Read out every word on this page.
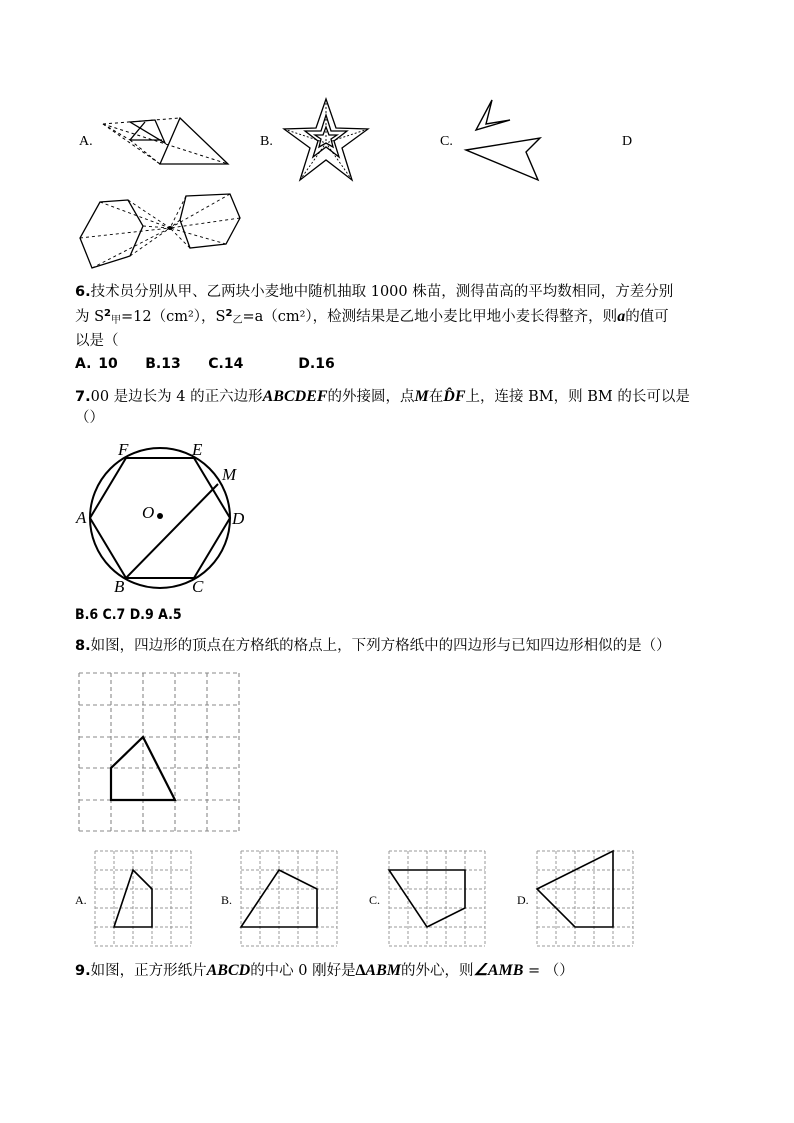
A.	B.	C.	D
6.技术员分别从甲、乙两块小麦地中随机抽取 1000 株苗，测得苗高的平均数相同，方差分别
为 $S^2_甲=12(cm^2)$，$S^2_乙=a(cm^2)$，检测结果是乙地小麦比甲地小麦长得整齐，则a的值可
以是（
A. 10    B.13    C.14        D.16
7.00 是边长为 4 的正六边形ABCDEF的外接圆，点M在D̂F上，连接 BM，则 BM 的长可以是
（）
F	E
M
A	O	D
B	C
B.6 C.7 D.9 A.5
8.如图，四边形的顶点在方格纸的格点上，下列方格纸中的四边形与已知四边形相似的是（）
A.	B.	C.	D.
9.如图，正方形纸片ABCD的中心 0 刚好是∆ABM的外心，则∠AMB = （）
